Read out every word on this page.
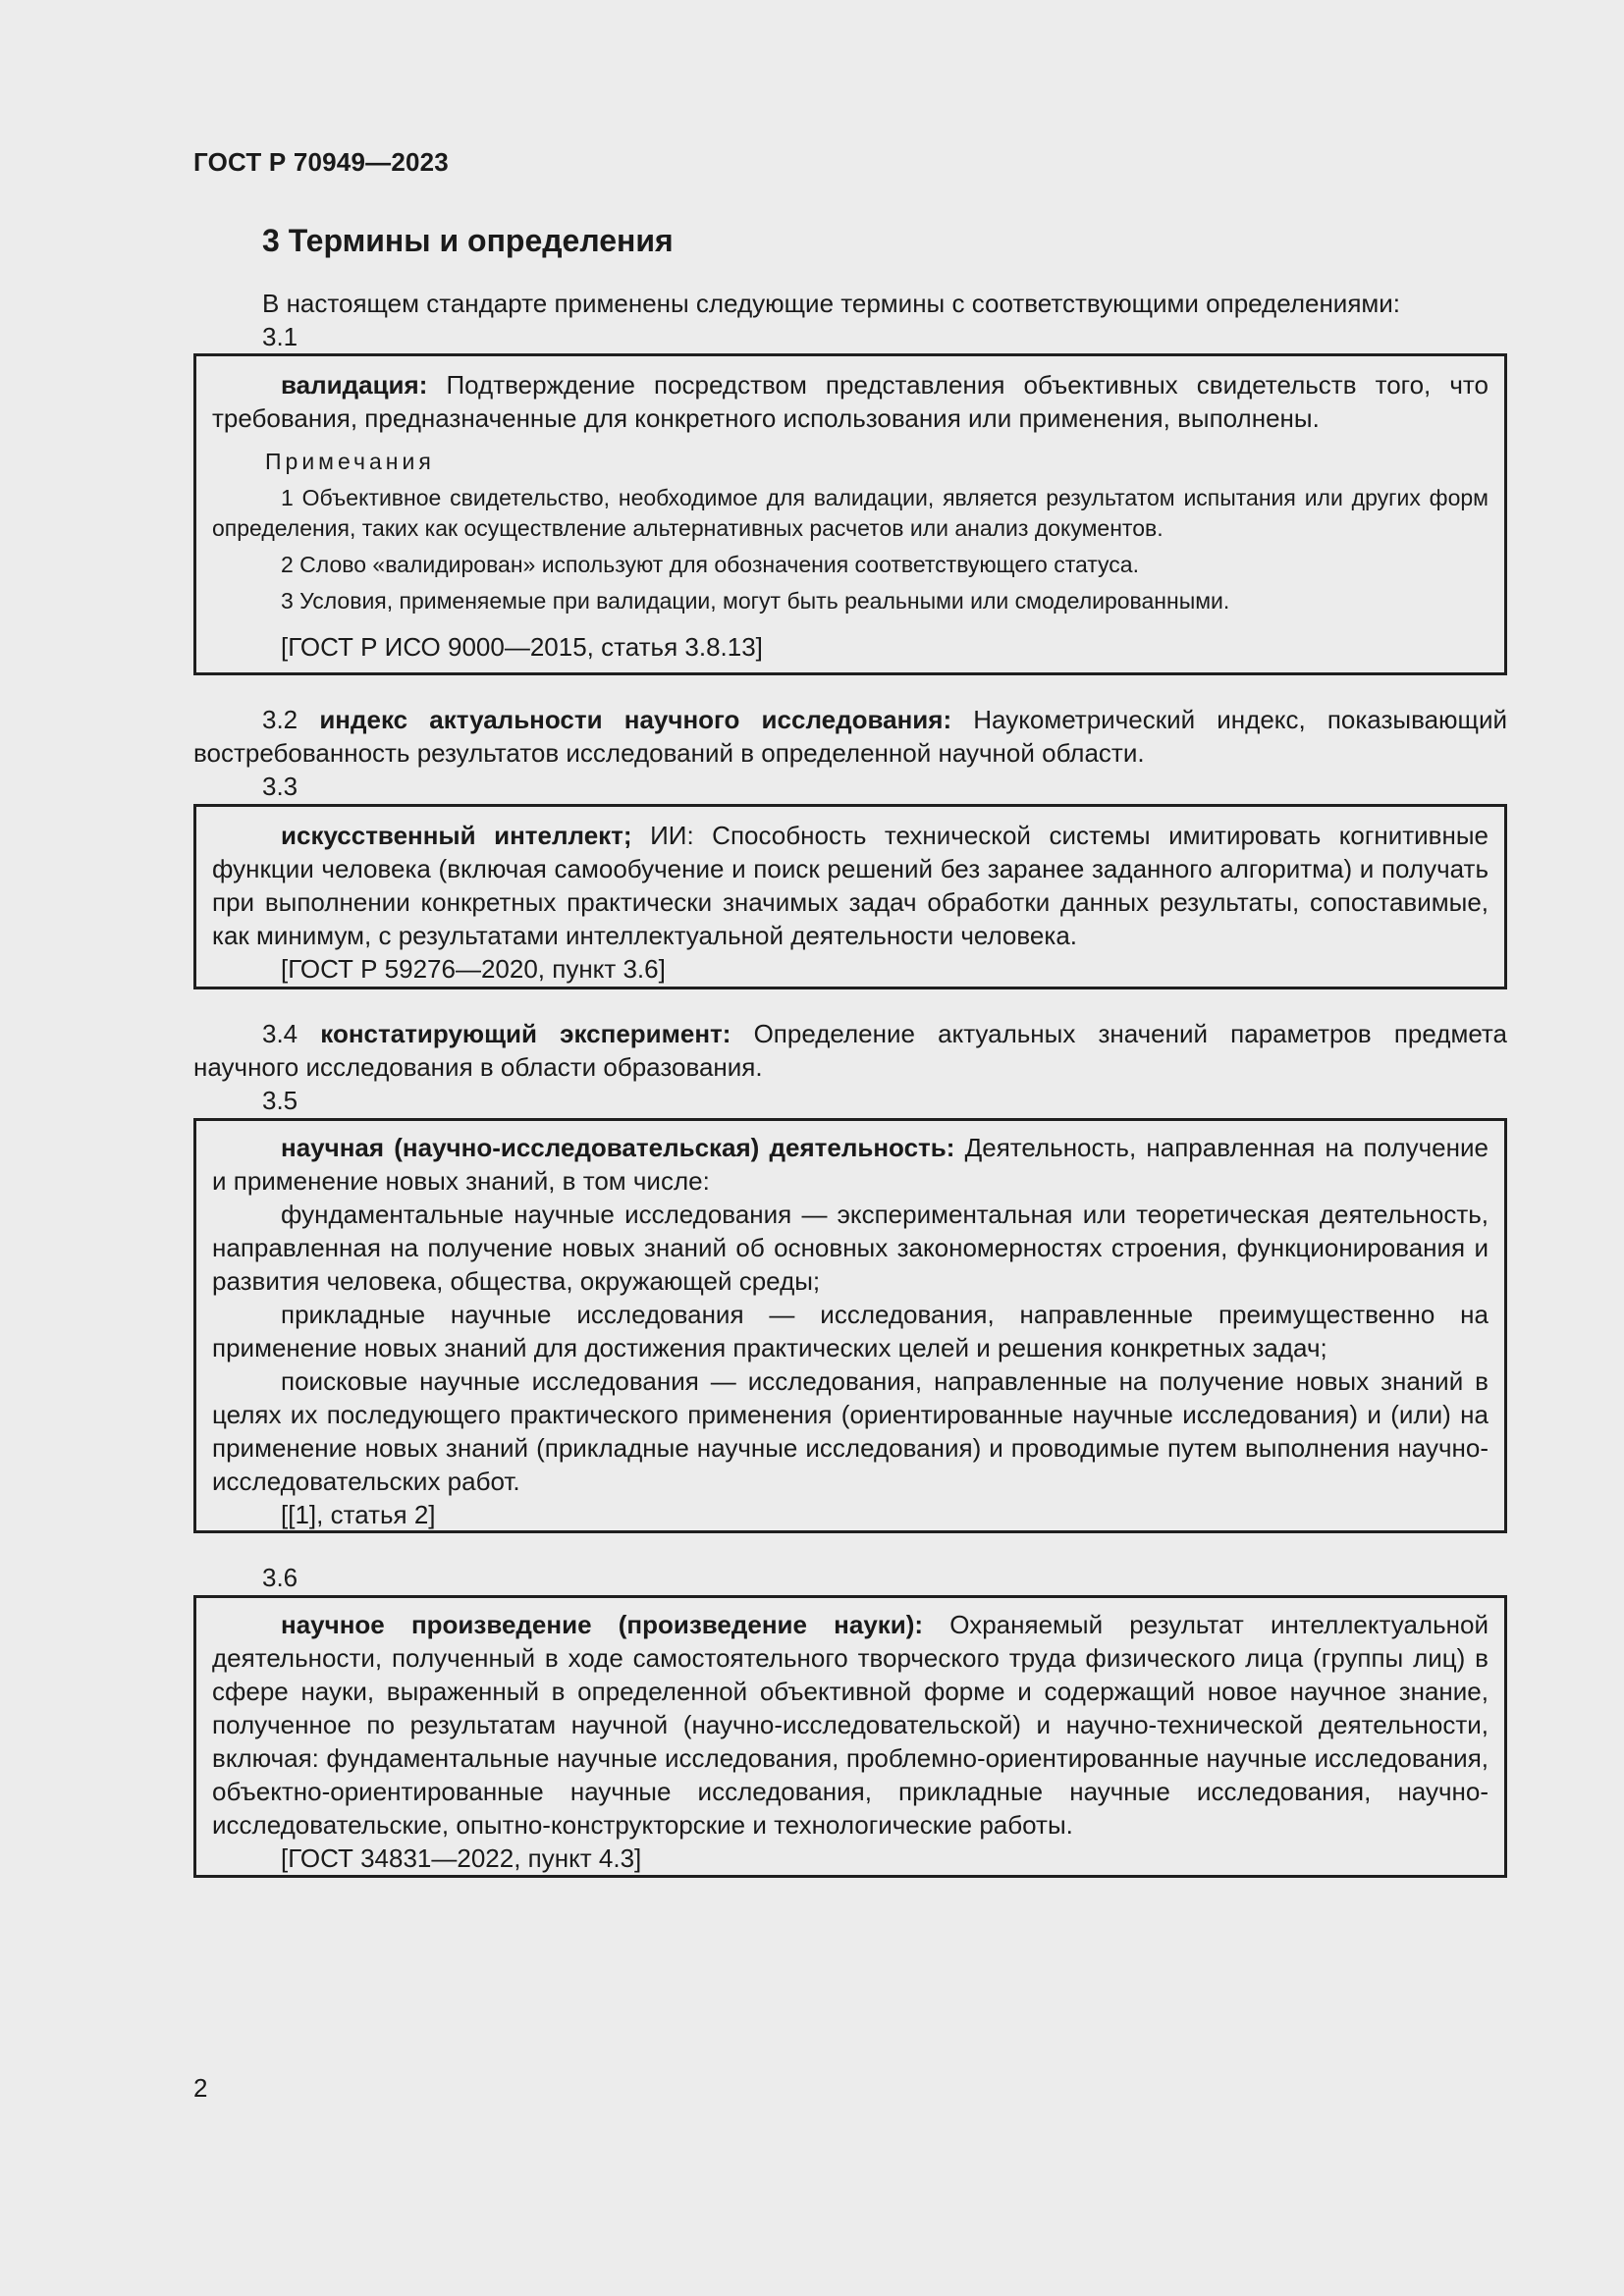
ГОСТ Р 70949—2023
3 Термины и определения
В настоящем стандарте применены следующие термины с соответствующими определениями:
3.1

валидация: Подтверждение посредством представления объективных свидетельств того, что требования, предназначенные для конкретного использования или применения, выполнены.

Примечания

1 Объективное свидетельство, необходимое для валидации, является результатом испытания или других форм определения, таких как осуществление альтернативных расчетов или анализ документов.

2 Слово «валидирован» используют для обозначения соответствующего статуса.

3 Условия, применяемые при валидации, могут быть реальными или смоделированными.

[ГОСТ Р ИСО 9000—2015, статья 3.8.13]

3.2 индекс актуальности научного исследования: Наукометрический индекс, показывающий востребованность результатов исследований в определенной научной области.
3.3

искусственный интеллект; ИИ: Способность технической системы имитировать когнитивные функции человека (включая самообучение и поиск решений без заранее заданного алгоритма) и получать при выполнении конкретных практически значимых задач обработки данных результаты, сопоставимые, как минимум, с результатами интеллектуальной деятельности человека.

[ГОСТ Р 59276—2020, пункт 3.6]

3.4 констатирующий эксперимент: Определение актуальных значений параметров предмета научного исследования в области образования.
3.5

научная (научно-исследовательская) деятельность: Деятельность, направленная на получение и применение новых знаний, в том числе:

фундаментальные научные исследования — экспериментальная или теоретическая деятельность, направленная на получение новых знаний об основных закономерностях строения, функционирования и развития человека, общества, окружающей среды;

прикладные научные исследования — исследования, направленные преимущественно на применение новых знаний для достижения практических целей и решения конкретных задач;

поисковые научные исследования — исследования, направленные на получение новых знаний в целях их последующего практического применения (ориентированные научные исследования) и (или) на применение новых знаний (прикладные научные исследования) и проводимые путем выполнения научно-исследовательских работ.

[[1], статья 2]

3.6

научное произведение (произведение науки): Охраняемый результат интеллектуальной деятельности, полученный в ходе самостоятельного творческого труда физического лица (группы лиц) в сфере науки, выраженный в определенной объективной форме и содержащий новое научное знание, полученное по результатам научной (научно-исследовательской) и научно-технической деятельности, включая: фундаментальные научные исследования, проблемно-ориентированные научные исследования, объектно-ориентированные научные исследования, прикладные научные исследования, научно-исследовательские, опытно-конструкторские и технологические работы.

[ГОСТ 34831—2022, пункт 4.3]

2
